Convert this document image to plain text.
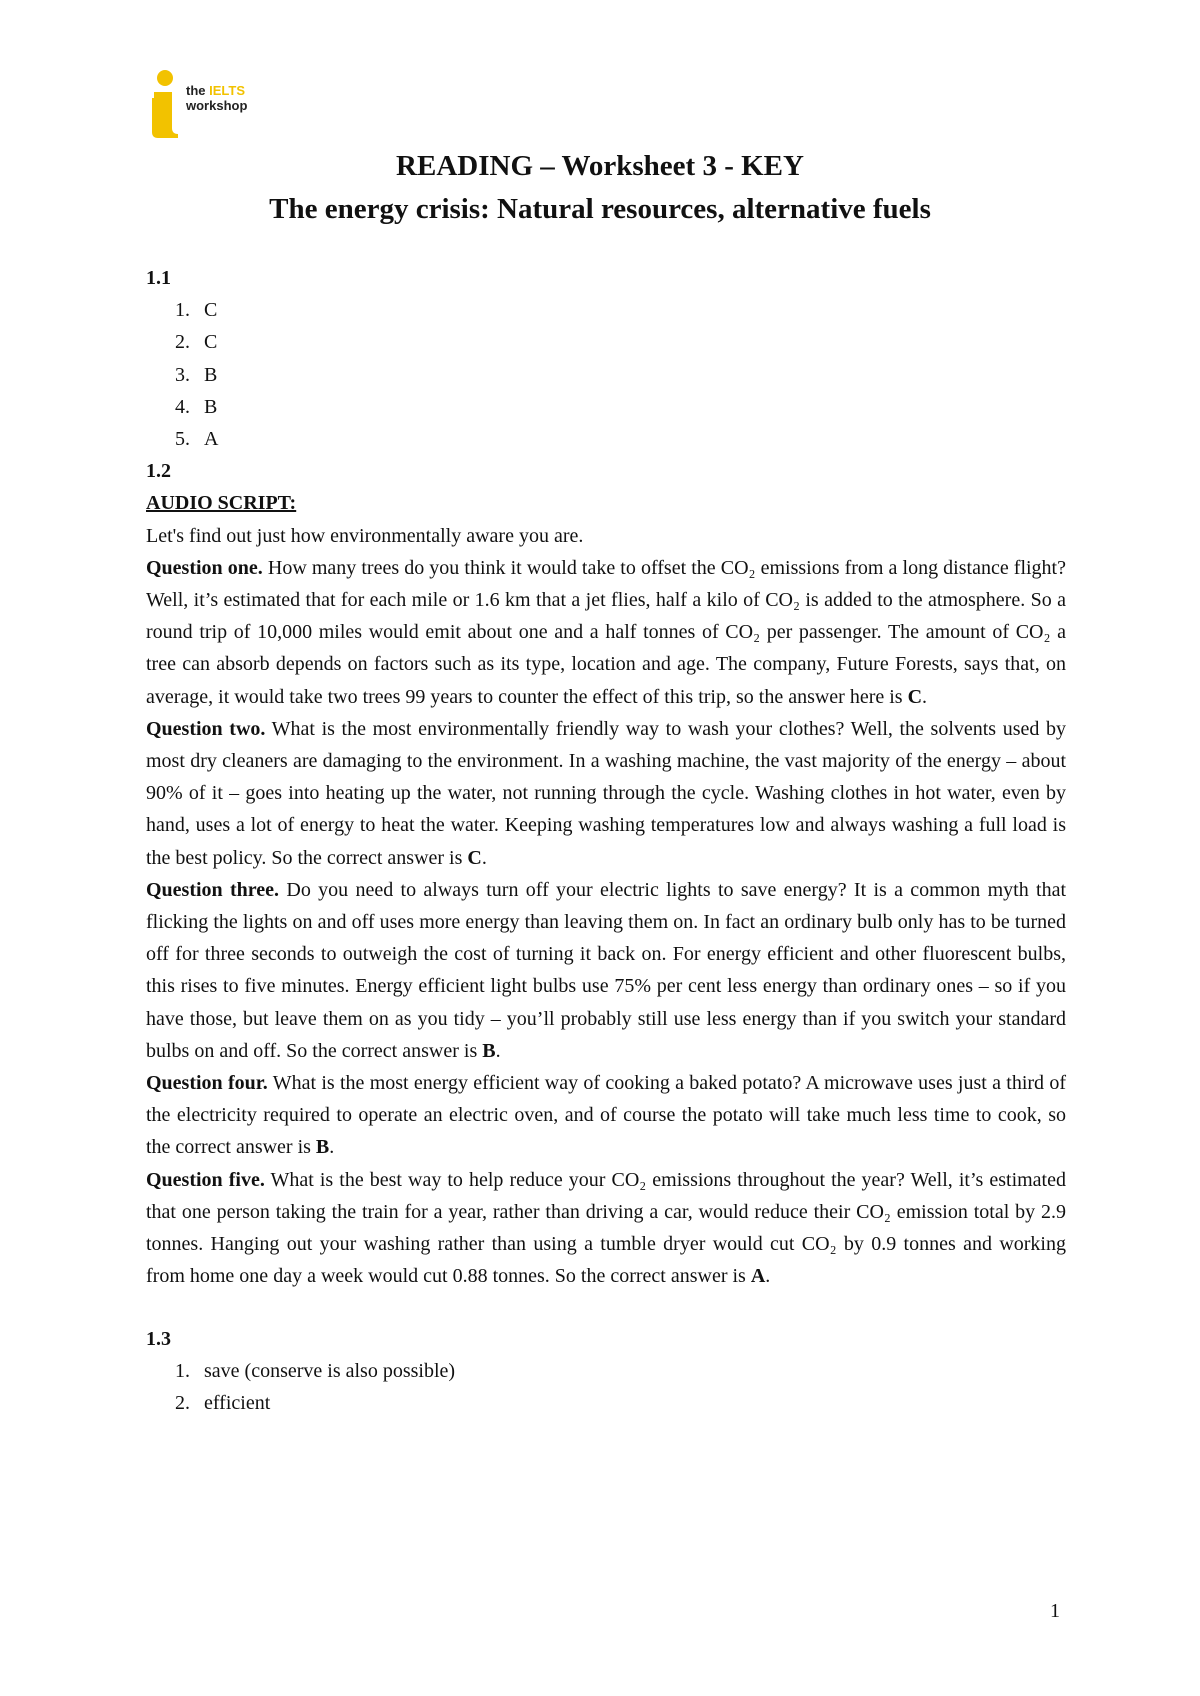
the IELTS
workshop
READING – Worksheet 3 - KEY
The energy crisis: Natural resources, alternative fuels
1.1
1. C
2. C
3. B
4. B
5. A
1.2
AUDIO SCRIPT:

Let's find out just how environmentally aware you are.

Question one. How many trees do you think it would take to offset the CO₂ emissions from a long distance flight? Well, it’s estimated that for each mile or 1.6 km that a jet flies, half a kilo of CO₂ is added to the atmosphere. So a round trip of 10,000 miles would emit about one and a half tonnes of CO₂ per passenger. The amount of CO₂ a tree can absorb depends on factors such as its type, location and age. The company, Future Forests, says that, on average, it would take two trees 99 years to counter the effect of this trip, so the answer here is C.

Question two. What is the most environmentally friendly way to wash your clothes? Well, the solvents used by most dry cleaners are damaging to the environment. In a washing machine, the vast majority of the energy – about 90% of it – goes into heating up the water, not running through the cycle. Washing clothes in hot water, even by hand, uses a lot of energy to heat the water. Keeping washing temperatures low and always washing a full load is the best policy. So the correct answer is C.

Question three. Do you need to always turn off your electric lights to save energy? It is a common myth that flicking the lights on and off uses more energy than leaving them on. In fact an ordinary bulb only has to be turned off for three seconds to outweigh the cost of turning it back on. For energy efficient and other fluorescent bulbs, this rises to five minutes. Energy efficient light bulbs use 75% per cent less energy than ordinary ones – so if you have those, but leave them on as you tidy – you’ll probably still use less energy than if you switch your standard bulbs on and off. So the correct answer is B.

Question four. What is the most energy efficient way of cooking a baked potato? A microwave uses just a third of the electricity required to operate an electric oven, and of course the potato will take much less time to cook, so the correct answer is B.

Question five. What is the best way to help reduce your CO₂ emissions throughout the year? Well, it’s estimated that one person taking the train for a year, rather than driving a car, would reduce their CO₂ emission total by 2.9 tonnes. Hanging out your washing rather than using a tumble dryer would cut CO₂ by 0.9 tonnes and working from home one day a week would cut 0.88 tonnes. So the correct answer is A.

1.3
1. save (conserve is also possible)
2. efficient
1
